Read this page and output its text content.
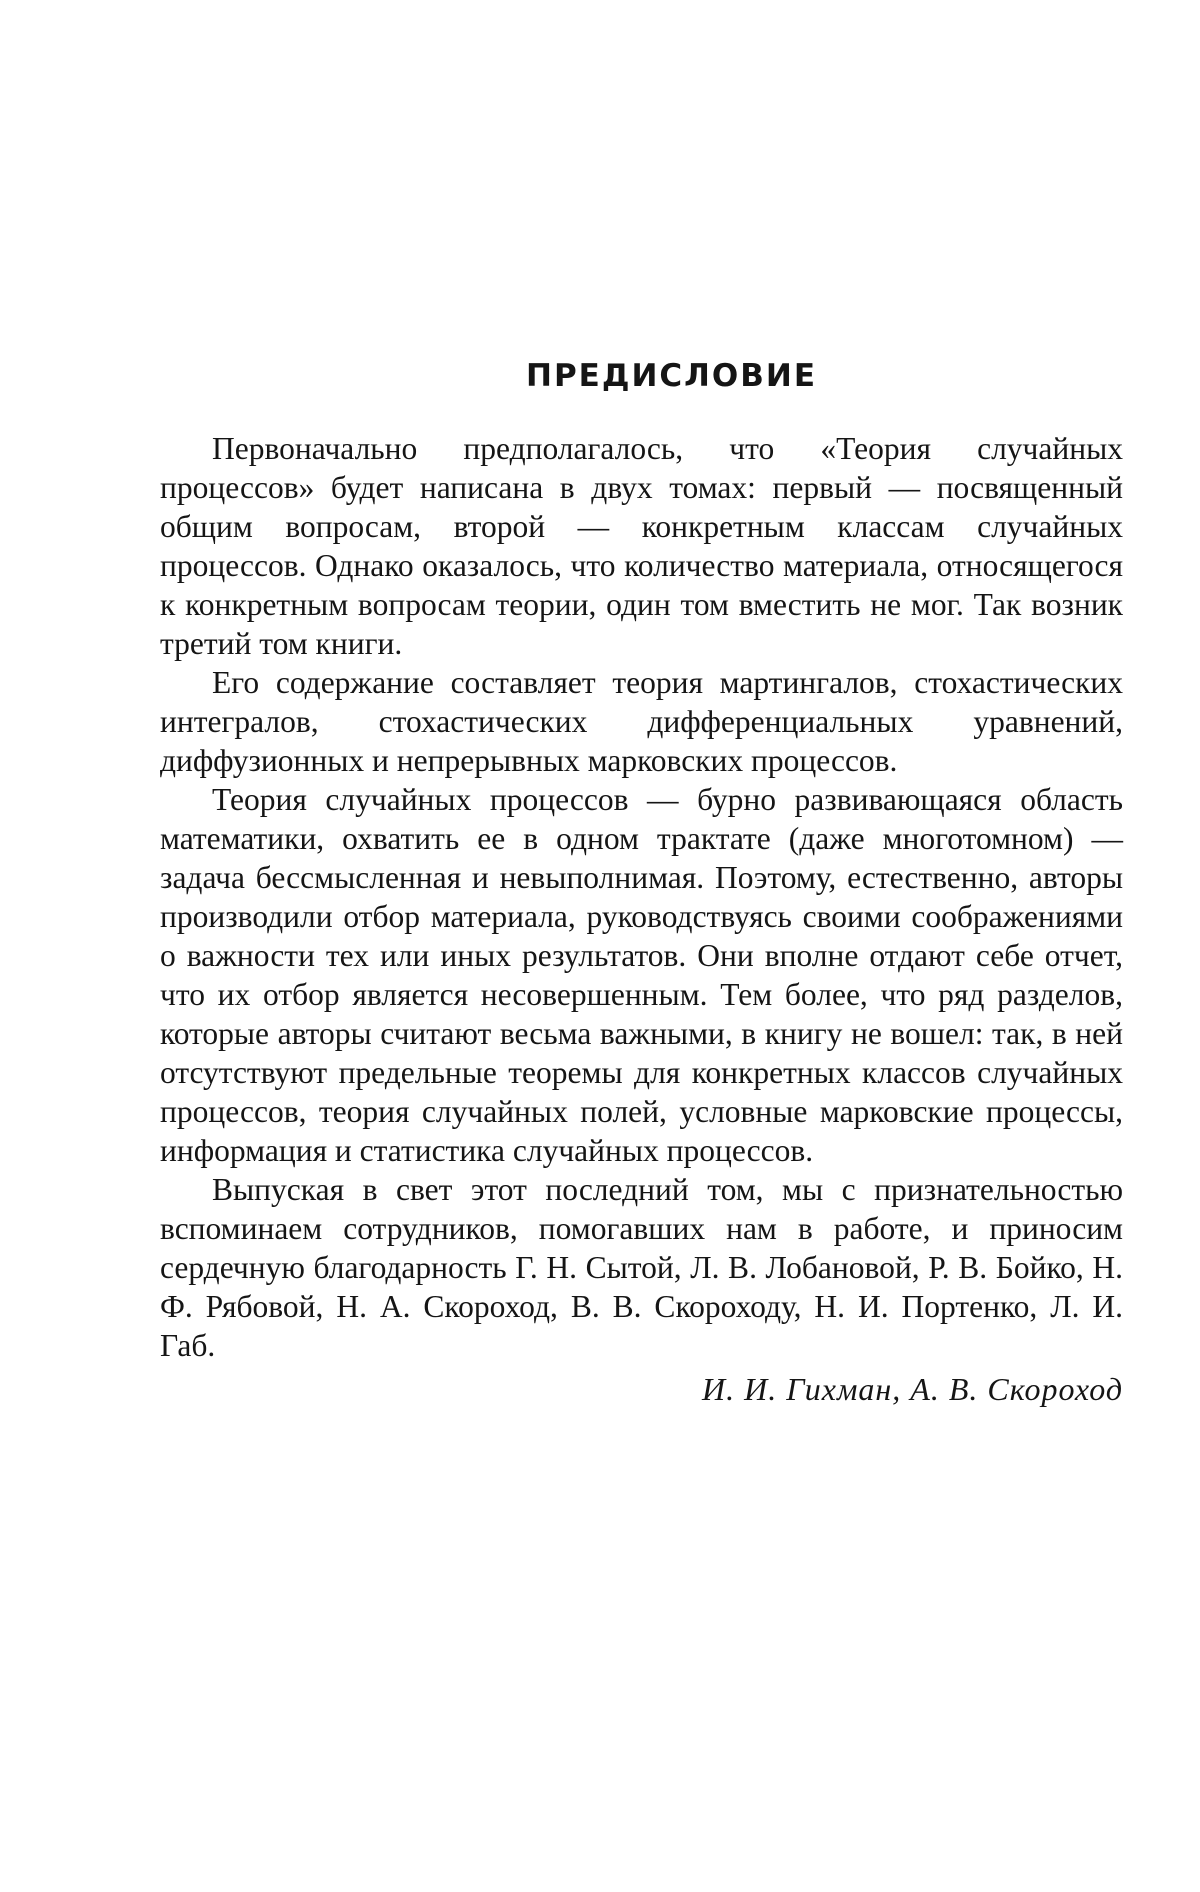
ПРЕДИСЛОВИЕ

Первоначально предполагалось, что «Теория случайных процессов» будет написана в двух томах: первый — посвященный общим вопросам, второй — конкретным классам случайных процессов. Однако оказалось, что количество материала, относящегося к конкретным вопросам теории, один том вместить не мог. Так возник третий том книги.

Его содержание составляет теория мартингалов, стохастических интегралов, стохастических дифференциальных уравнений, диффузионных и непрерывных марковских процессов.

Теория случайных процессов — бурно развивающаяся область математики, охватить ее в одном трактате (даже многотомном) — задача бессмысленная и невыполнимая. Поэтому, естественно, авторы производили отбор материала, руководствуясь своими соображениями о важности тех или иных результатов. Они вполне отдают себе отчет, что их отбор является несовершенным. Тем более, что ряд разделов, которые авторы считают весьма важными, в книгу не вошел: так, в ней отсутствуют предельные теоремы для конкретных классов случайных процессов, теория случайных полей, условные марковские процессы, информация и статистика случайных процессов.

Выпуская в свет этот последний том, мы с признательностью вспоминаем сотрудников, помогавших нам в работе, и приносим сердечную благодарность Г. Н. Сытой, Л. В. Лобановой, Р. В. Бойко, Н. Ф. Рябовой, Н. А. Скороход, В. В. Скороходу, Н. И. Портенко, Л. И. Габ.

И. И. Гихман, А. В. Скороход
